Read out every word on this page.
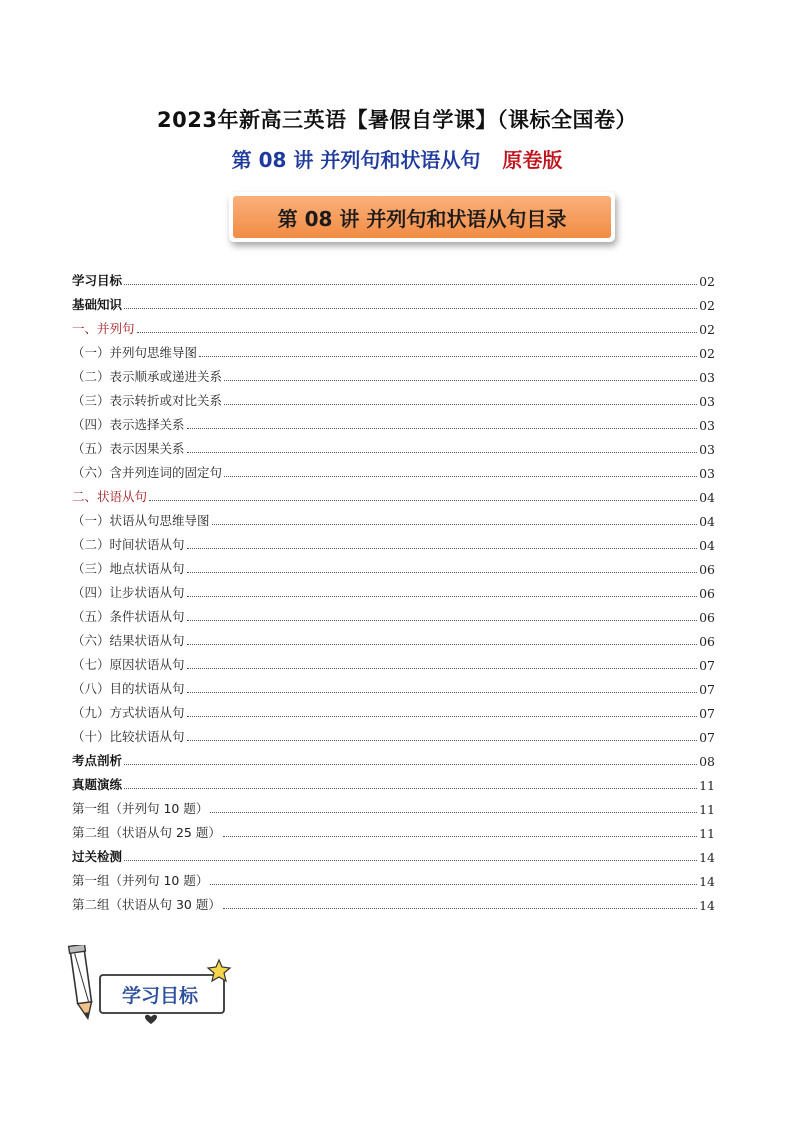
2023年新高三英语【暑假自学课】（课标全国卷）
第 08 讲 并列句和状语从句 原卷版
第 08 讲 并列句和状语从句目录
学习目标	02
基础知识	02
一、并列句	02
（一）并列句思维导图	02
（二）表示顺承或递进关系	03
（三）表示转折或对比关系	03
（四）表示选择关系	03
（五）表示因果关系	03
（六）含并列连词的固定句	03
二、状语从句	04
（一）状语从句思维导图	04
（二）时间状语从句	04
（三）地点状语从句	06
（四）让步状语从句	06
（五）条件状语从句	06
（六）结果状语从句	06
（七）原因状语从句	07
（八）目的状语从句	07
（九）方式状语从句	07
（十）比较状语从句	07
考点剖析	08
真题演练	11
第一组（并列句 10 题）	11
第二组（状语从句 25 题）	11
过关检测	14
第一组（并列句 10 题）	14
第二组（状语从句 30 题）	14
学习目标
